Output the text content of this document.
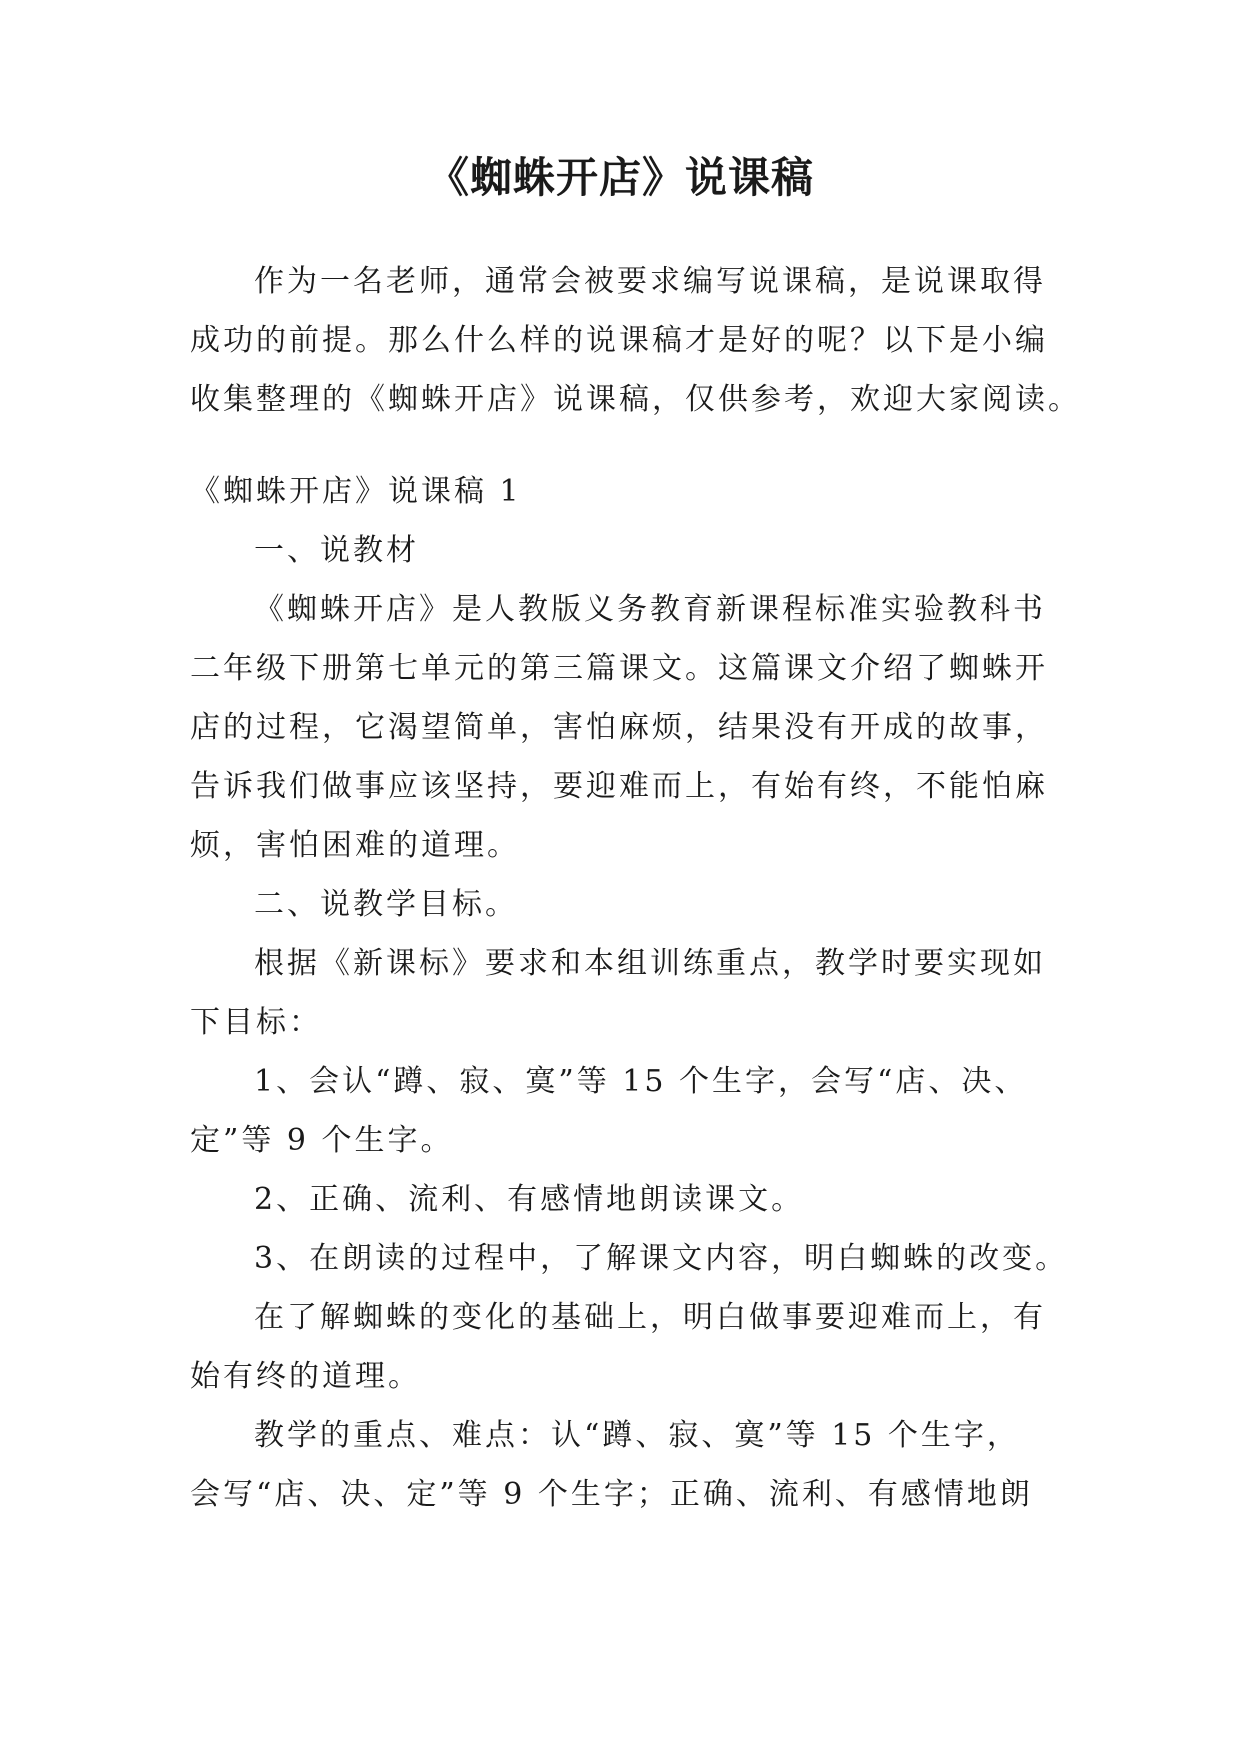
《蜘蛛开店》说课稿
作为一名老师，通常会被要求编写说课稿，是说课取得
成功的前提。那么什么样的说课稿才是好的呢？以下是小编
收集整理的《蜘蛛开店》说课稿，仅供参考，欢迎大家阅读。
《蜘蛛开店》说课稿 1
一、说教材
《蜘蛛开店》是人教版义务教育新课程标准实验教科书
二年级下册第七单元的第三篇课文。这篇课文介绍了蜘蛛开
店的过程，它渴望简单，害怕麻烦，结果没有开成的故事，
告诉我们做事应该坚持，要迎难而上，有始有终，不能怕麻
烦，害怕困难的道理。
二、说教学目标。
根据《新课标》要求和本组训练重点，教学时要实现如
下目标：
1、会认“蹲、寂、寞”等 15 个生字，会写“店、决、
定”等 9 个生字。
2、正确、流利、有感情地朗读课文。
3、在朗读的过程中，了解课文内容，明白蜘蛛的改变。
在了解蜘蛛的变化的基础上，明白做事要迎难而上，有
始有终的道理。
教学的重点、难点：认“蹲、寂、寞”等 15 个生字，
会写“店、决、定”等 9 个生字；正确、流利、有感情地朗
